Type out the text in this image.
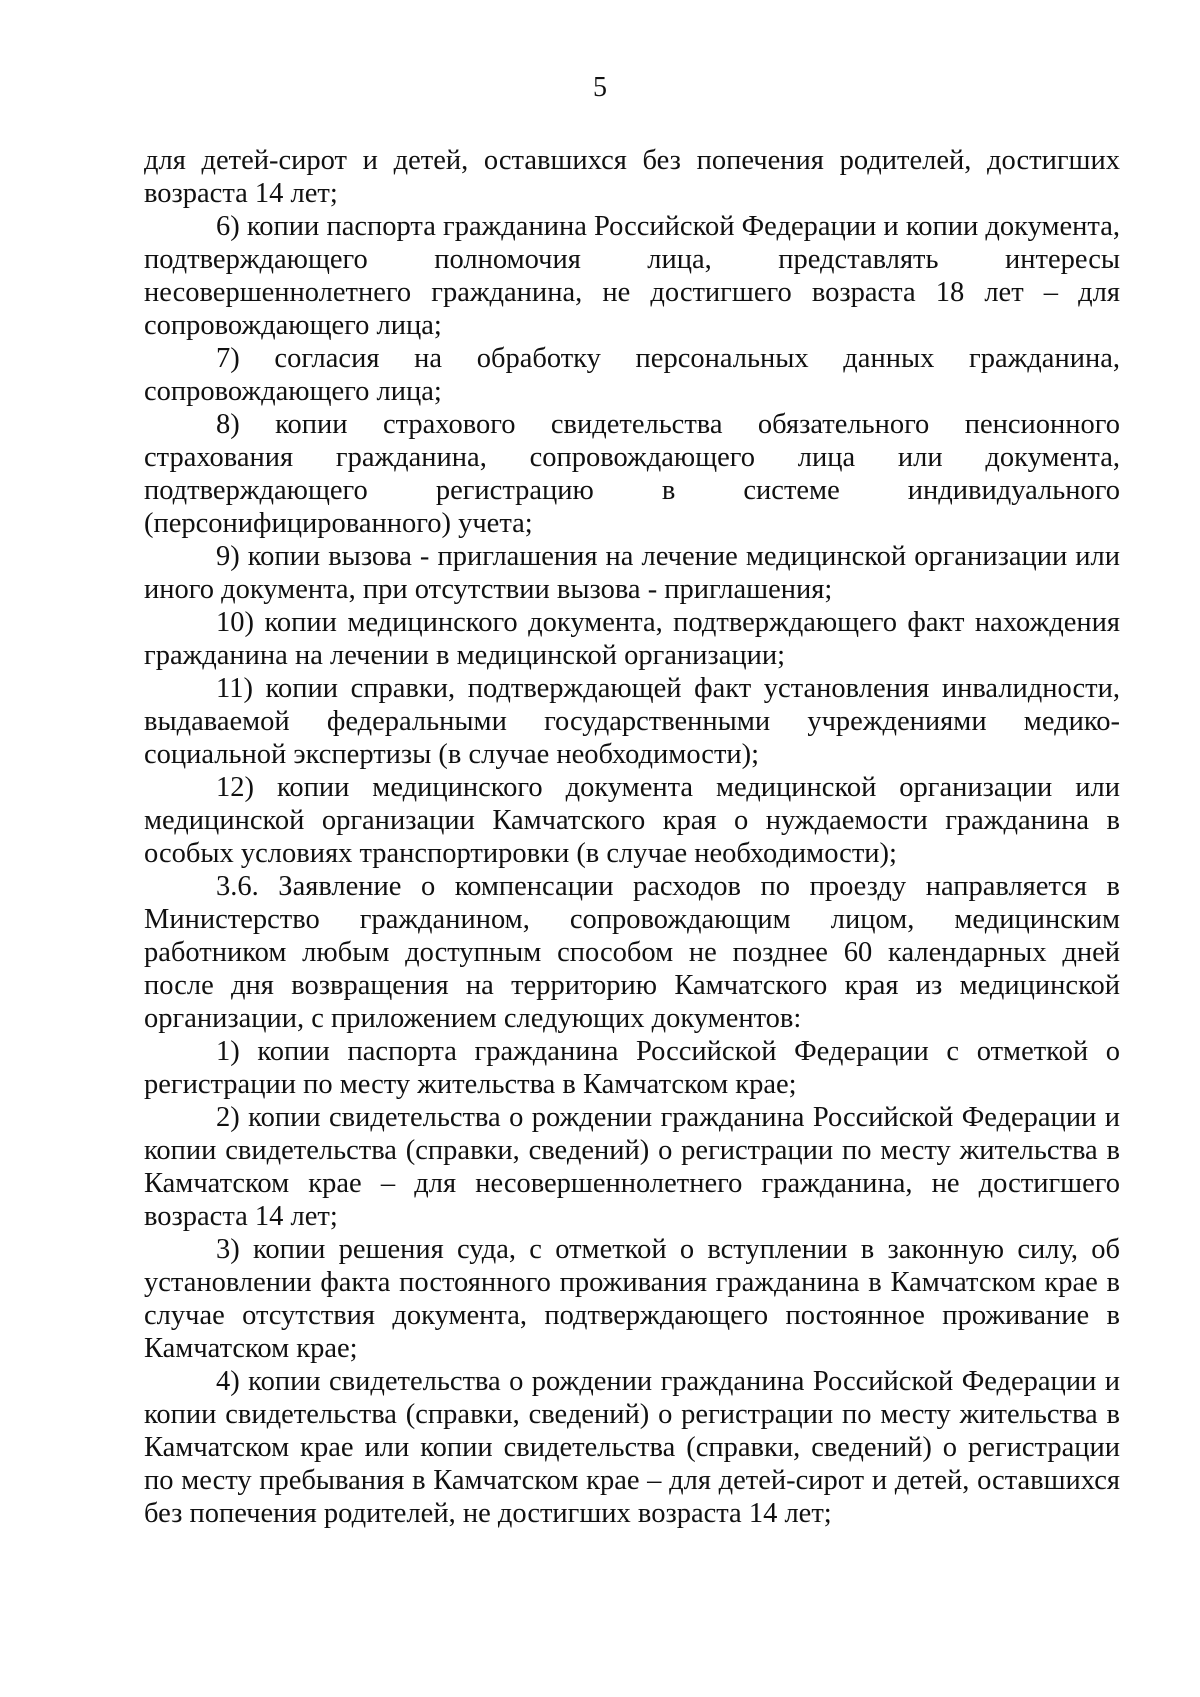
5

для детей-сирот и детей, оставшихся без попечения родителей, достигших возраста 14 лет;

6) копии паспорта гражданина Российской Федерации и копии документа, подтверждающего полномочия лица, представлять интересы несовершеннолетнего гражданина, не достигшего возраста 18 лет – для сопровождающего лица;

7) согласия на обработку персональных данных гражданина, сопровождающего лица;

8) копии страхового свидетельства обязательного пенсионного страхования гражданина, сопровождающего лица или документа, подтверждающего регистрацию в системе индивидуального (персонифицированного) учета;

9) копии вызова - приглашения на лечение медицинской организации или иного документа, при отсутствии вызова - приглашения;

10) копии медицинского документа, подтверждающего факт нахождения гражданина на лечении в медицинской организации;

11) копии справки, подтверждающей факт установления инвалидности, выдаваемой федеральными государственными учреждениями медико-социальной экспертизы (в случае необходимости);

12) копии медицинского документа медицинской организации или медицинской организации Камчатского края о нуждаемости гражданина в особых условиях транспортировки (в случае необходимости);

3.6. Заявление о компенсации расходов по проезду направляется в Министерство гражданином, сопровождающим лицом, медицинским работником любым доступным способом не позднее 60 календарных дней после дня возвращения на территорию Камчатского края из медицинской организации, с приложением следующих документов:

1) копии паспорта гражданина Российской Федерации с отметкой о регистрации по месту жительства в Камчатском крае;

2) копии свидетельства о рождении гражданина Российской Федерации и копии свидетельства (справки, сведений) о регистрации по месту жительства в Камчатском крае – для несовершеннолетнего гражданина, не достигшего возраста 14 лет;

3) копии решения суда, с отметкой о вступлении в законную силу, об установлении факта постоянного проживания гражданина в Камчатском крае в случае отсутствия документа, подтверждающего постоянное проживание в Камчатском крае;

4) копии свидетельства о рождении гражданина Российской Федерации и копии свидетельства (справки, сведений) о регистрации по месту жительства в Камчатском крае или копии свидетельства (справки, сведений) о регистрации по месту пребывания в Камчатском крае – для детей-сирот и детей, оставшихся без попечения родителей, не достигших возраста 14 лет;
